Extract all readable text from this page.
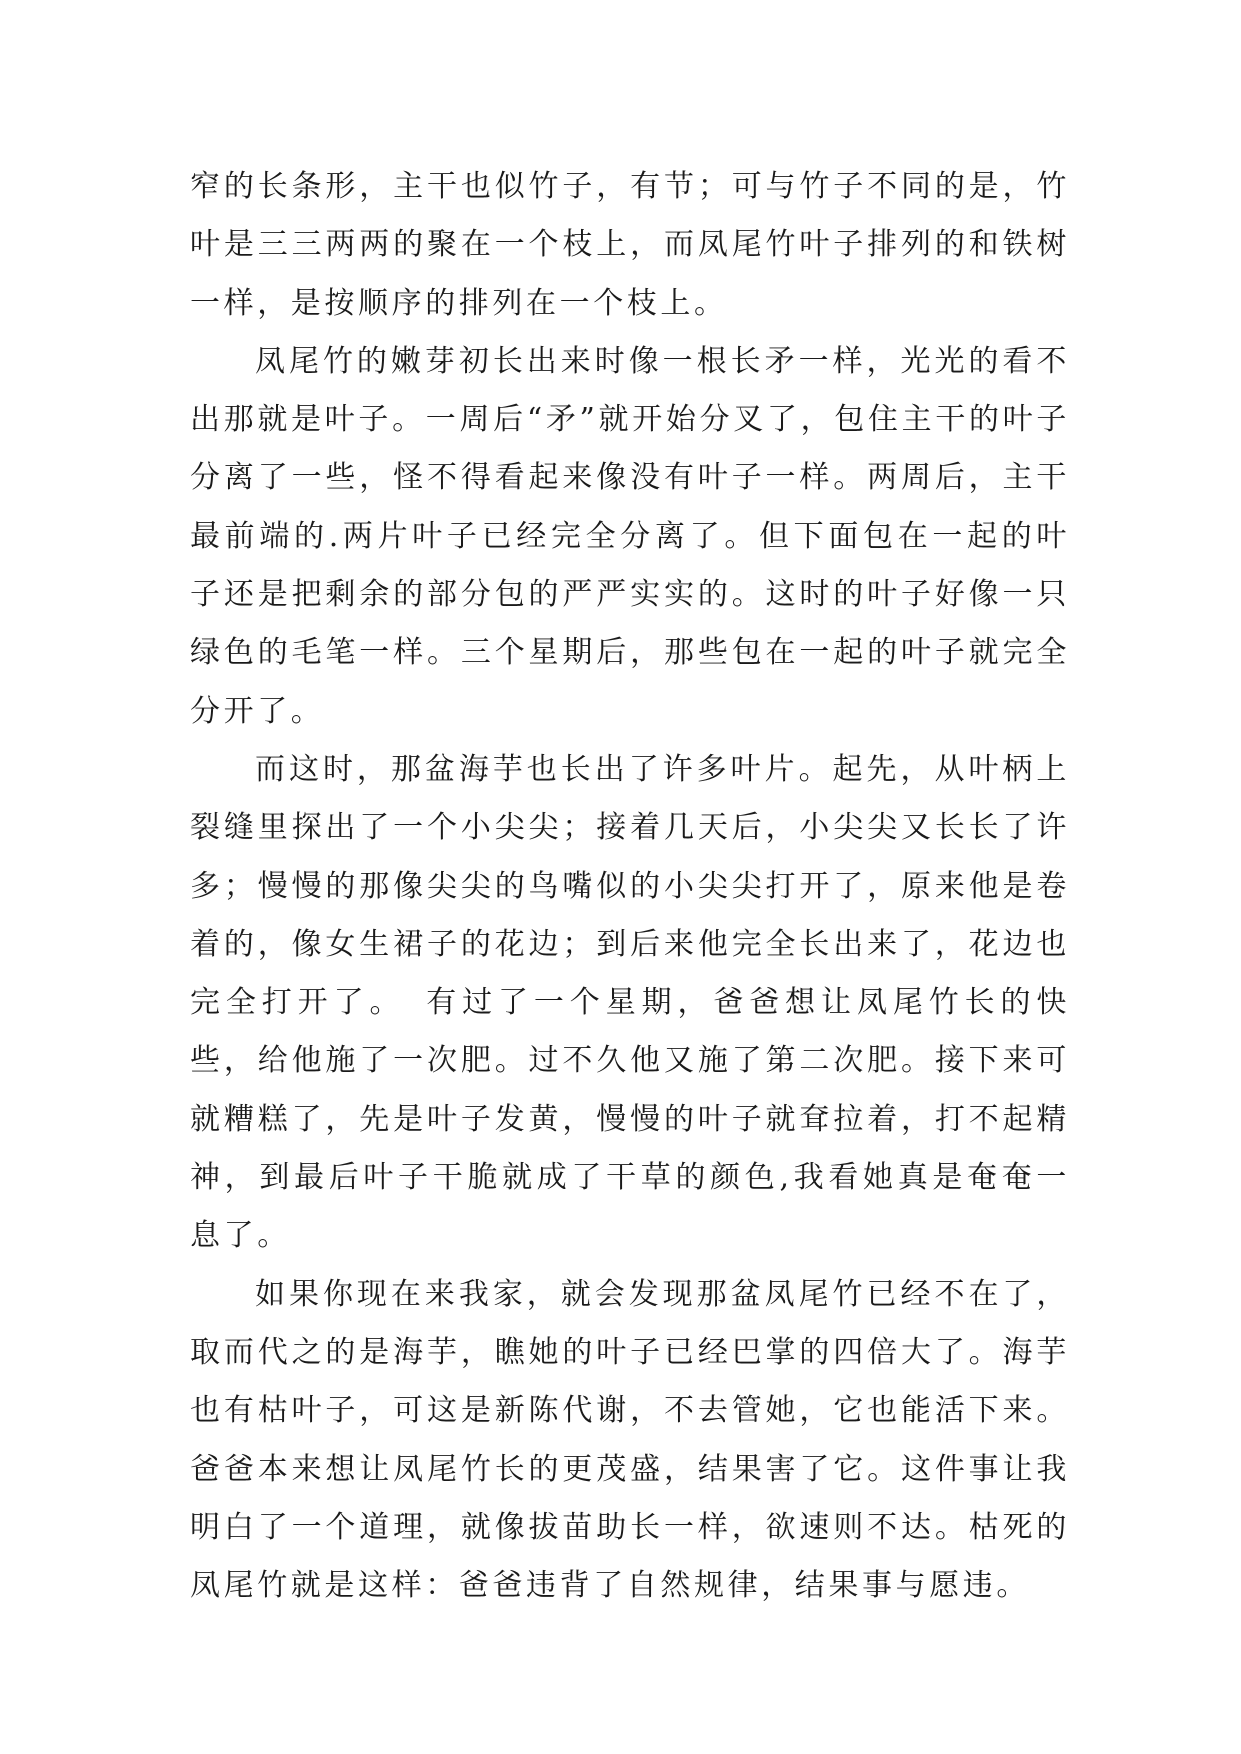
窄的长条形，主干也似竹子，有节；可与竹子不同的是，竹叶是三三两两的聚在一个枝上，而凤尾竹叶子排列的和铁树一样，是按顺序的排列在一个枝上。

凤尾竹的嫩芽初长出来时像一根长矛一样，光光的看不出那就是叶子。一周后“矛”就开始分叉了，包住主干的叶子分离了一些，怪不得看起来像没有叶子一样。两周后，主干最前端的.两片叶子已经完全分离了。但下面包在一起的叶子还是把剩余的部分包的严严实实的。这时的叶子好像一只绿色的毛笔一样。三个星期后，那些包在一起的叶子就完全分开了。

而这时，那盆海芋也长出了许多叶片。起先，从叶柄上裂缝里探出了一个小尖尖；接着几天后，小尖尖又长长了许多；慢慢的那像尖尖的鸟嘴似的小尖尖打开了，原来他是卷着的，像女生裙子的花边；到后来他完全长出来了，花边也完全打开了。　有过了一个星期，爸爸想让凤尾竹长的快些，给他施了一次肥。过不久他又施了第二次肥。接下来可就糟糕了，先是叶子发黄，慢慢的叶子就耷拉着，打不起精神，到最后叶子干脆就成了干草的颜色,我看她真是奄奄一息了。

如果你现在来我家，就会发现那盆凤尾竹已经不在了，取而代之的是海芋，瞧她的叶子已经巴掌的四倍大了。海芋也有枯叶子，可这是新陈代谢，不去管她，它也能活下来。爸爸本来想让凤尾竹长的更茂盛，结果害了它。这件事让我明白了一个道理，就像拔苗助长一样，欲速则不达。枯死的凤尾竹就是这样：爸爸违背了自然规律，结果事与愿违。
